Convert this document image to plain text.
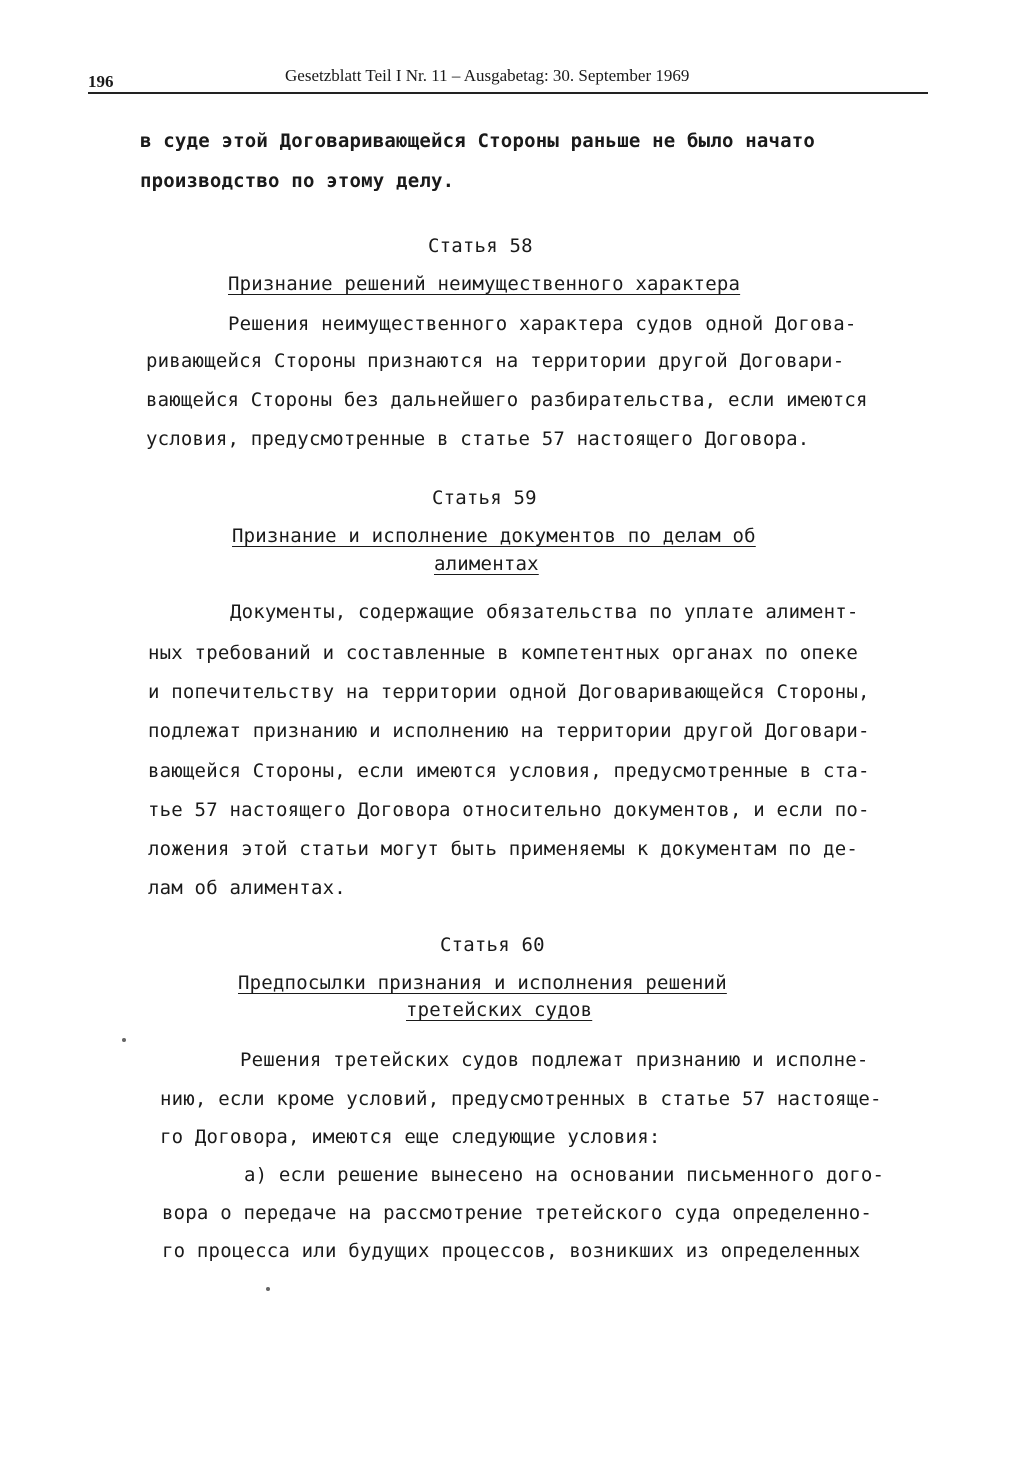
196	Gesetzblatt Teil I Nr. 11 – Ausgabetag: 30. September 1969
в суде этой Договаривающейся Стороны раньше не было начато
производство по этому делу.
Статья 58
Признание решений неимущественного характера
Решения неимущественного характера судов одной Догова-
ривающейся Стороны признаются на территории другой Договари-
вающейся Стороны без дальнейшего разбирательства, если имеются
условия, предусмотренные в статье 57 настоящего Договора.
Статья 59
Признание и исполнение документов по делам об
алиментах
Документы, содержащие обязательства по уплате алимент-
ных требований и составленные в компетентных органах по опеке
и попечительству на территории одной Договаривающейся Стороны,
подлежат признанию и исполнению на территории другой Договари-
вающейся Стороны, если имеются условия, предусмотренные в ста-
тье 57 настоящего Договора относительно документов, и если по-
ложения этой статьи могут быть применяемы к документам по де-
лам об алиментах.
Статья 60
Предпосылки признания и исполнения решений
третейских судов
Решения третейских судов подлежат признанию и исполне-
нию, если кроме условий, предусмотренных в статье 57 настояще-
го Договора, имеются еще следующие условия:
а) если решение вынесено на основании письменного дого-
вора о передаче на рассмотрение третейского суда определенно-
го процесса или будущих процессов, возникших из определенных
